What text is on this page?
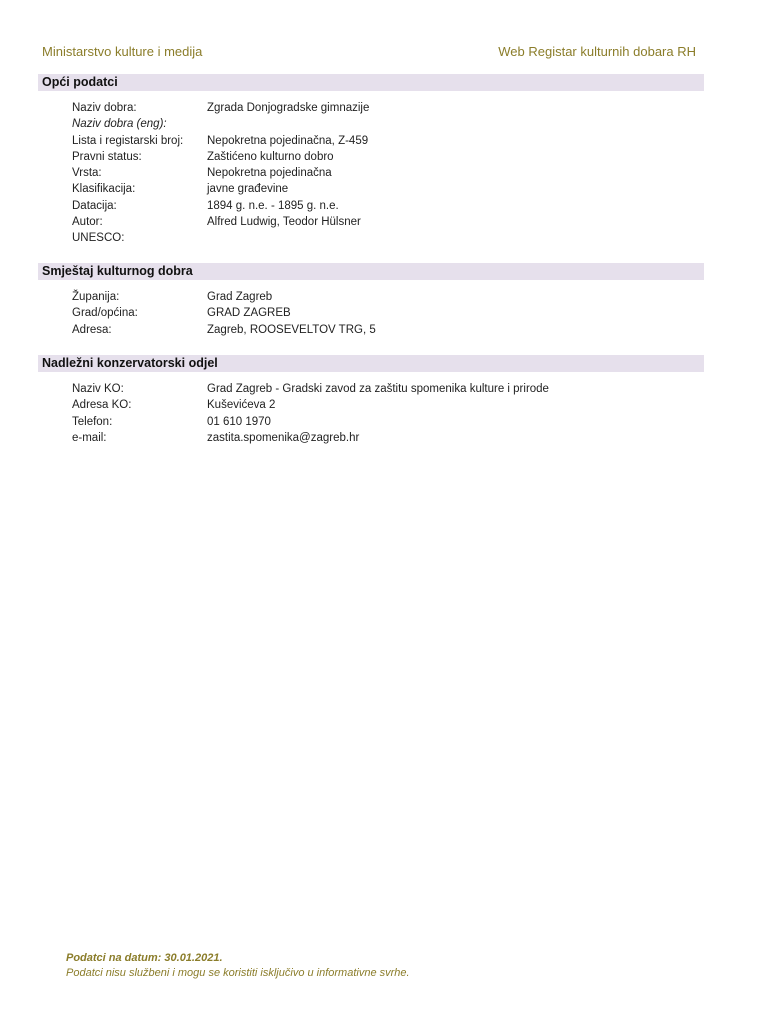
Ministarstvo kulture i medija	Web Registar kulturnih dobara RH
Opći podatci
Naziv dobra:	Zgrada Donjogradske gimnazije
Naziv dobra (eng):
Lista i registarski broj:	Nepokretna pojedinačna, Z-459
Pravni status:	Zaštićeno kulturno dobro
Vrsta:	Nepokretna pojedinačna
Klasifikacija:	javne građevine
Datacija:	1894 g. n.e. - 1895 g. n.e.
Autor:	Alfred Ludwig, Teodor Hülsner
UNESCO:
Smještaj kulturnog dobra
Županija:	Grad Zagreb
Grad/općina:	GRAD ZAGREB
Adresa:	Zagreb, ROOSEVELTOV TRG, 5
Nadležni konzervatorski odjel
Naziv KO:	Grad Zagreb - Gradski zavod za zaštitu spomenika kulture i prirode
Adresa KO:	Kuševićeva 2
Telefon:	01 610 1970
e-mail:	zastita.spomenika@zagreb.hr
Podatci na datum: 30.01.2021.
Podatci nisu službeni i mogu se koristiti isključivo u informativne svrhe.
